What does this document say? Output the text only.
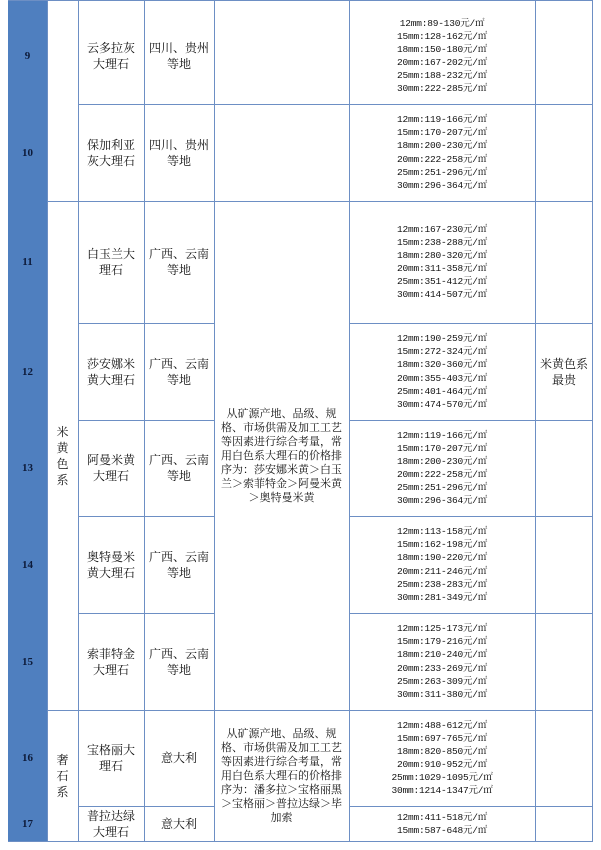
9
云多拉灰大理石
四川、贵州等地
12mm:89-130元/㎡
15mm:128-162元/㎡
18mm:150-180元/㎡
20mm:167-202元/㎡
25mm:188-232元/㎡
30mm:222-285元/㎡
10
保加利亚灰大理石
四川、贵州等地
12mm:119-166元/㎡
15mm:170-207元/㎡
18mm:200-230元/㎡
20mm:222-258元/㎡
25mm:251-296元/㎡
30mm:296-364元/㎡
11
白玉兰大理石
广西、云南等地
12mm:167-230元/㎡
15mm:238-288元/㎡
18mm:280-320元/㎡
20mm:311-358元/㎡
25mm:351-412元/㎡
30mm:414-507元/㎡
12
莎安娜米黄大理石
广西、云南等地
12mm:190-259元/㎡
15mm:272-324元/㎡
18mm:320-360元/㎡
20mm:355-403元/㎡
25mm:401-464元/㎡
30mm:474-570元/㎡
13
阿曼米黄大理石
广西、云南等地
12mm:119-166元/㎡
15mm:170-207元/㎡
18mm:200-230元/㎡
20mm:222-258元/㎡
25mm:251-296元/㎡
30mm:296-364元/㎡
14
奥特曼米黄大理石
广西、云南等地
12mm:113-158元/㎡
15mm:162-198元/㎡
18mm:190-220元/㎡
20mm:211-246元/㎡
25mm:238-283元/㎡
30mm:281-349元/㎡
15
索菲特金大理石
广西、云南等地
12mm:125-173元/㎡
15mm:179-216元/㎡
18mm:210-240元/㎡
20mm:233-269元/㎡
25mm:263-309元/㎡
30mm:311-380元/㎡
16
宝格丽大理石
意大利
12mm:488-612元/㎡
15mm:697-765元/㎡
18mm:820-850元/㎡
20mm:910-952元/㎡
25mm:1029-1095元/㎡
30mm:1214-1347元/㎡
17
普拉达绿大理石
意大利	12mm:411-518元/㎡
15mm:587-648元/㎡
米黄色系
奢石系
从矿源产地、品级、规格、市场供需及加工工艺等因素进行综合考量，常用白色系大理石的价格排序为：莎安娜米黄＞白玉兰＞索菲特金＞阿曼米黄＞奥特曼米黄
从矿源产地、品级、规格、市场供需及加工工艺等因素进行综合考量，常用白色系大理石的价格排序为：潘多拉＞宝格丽黑＞宝格丽＞普拉达绿＞毕加索
米黄色系最贵
